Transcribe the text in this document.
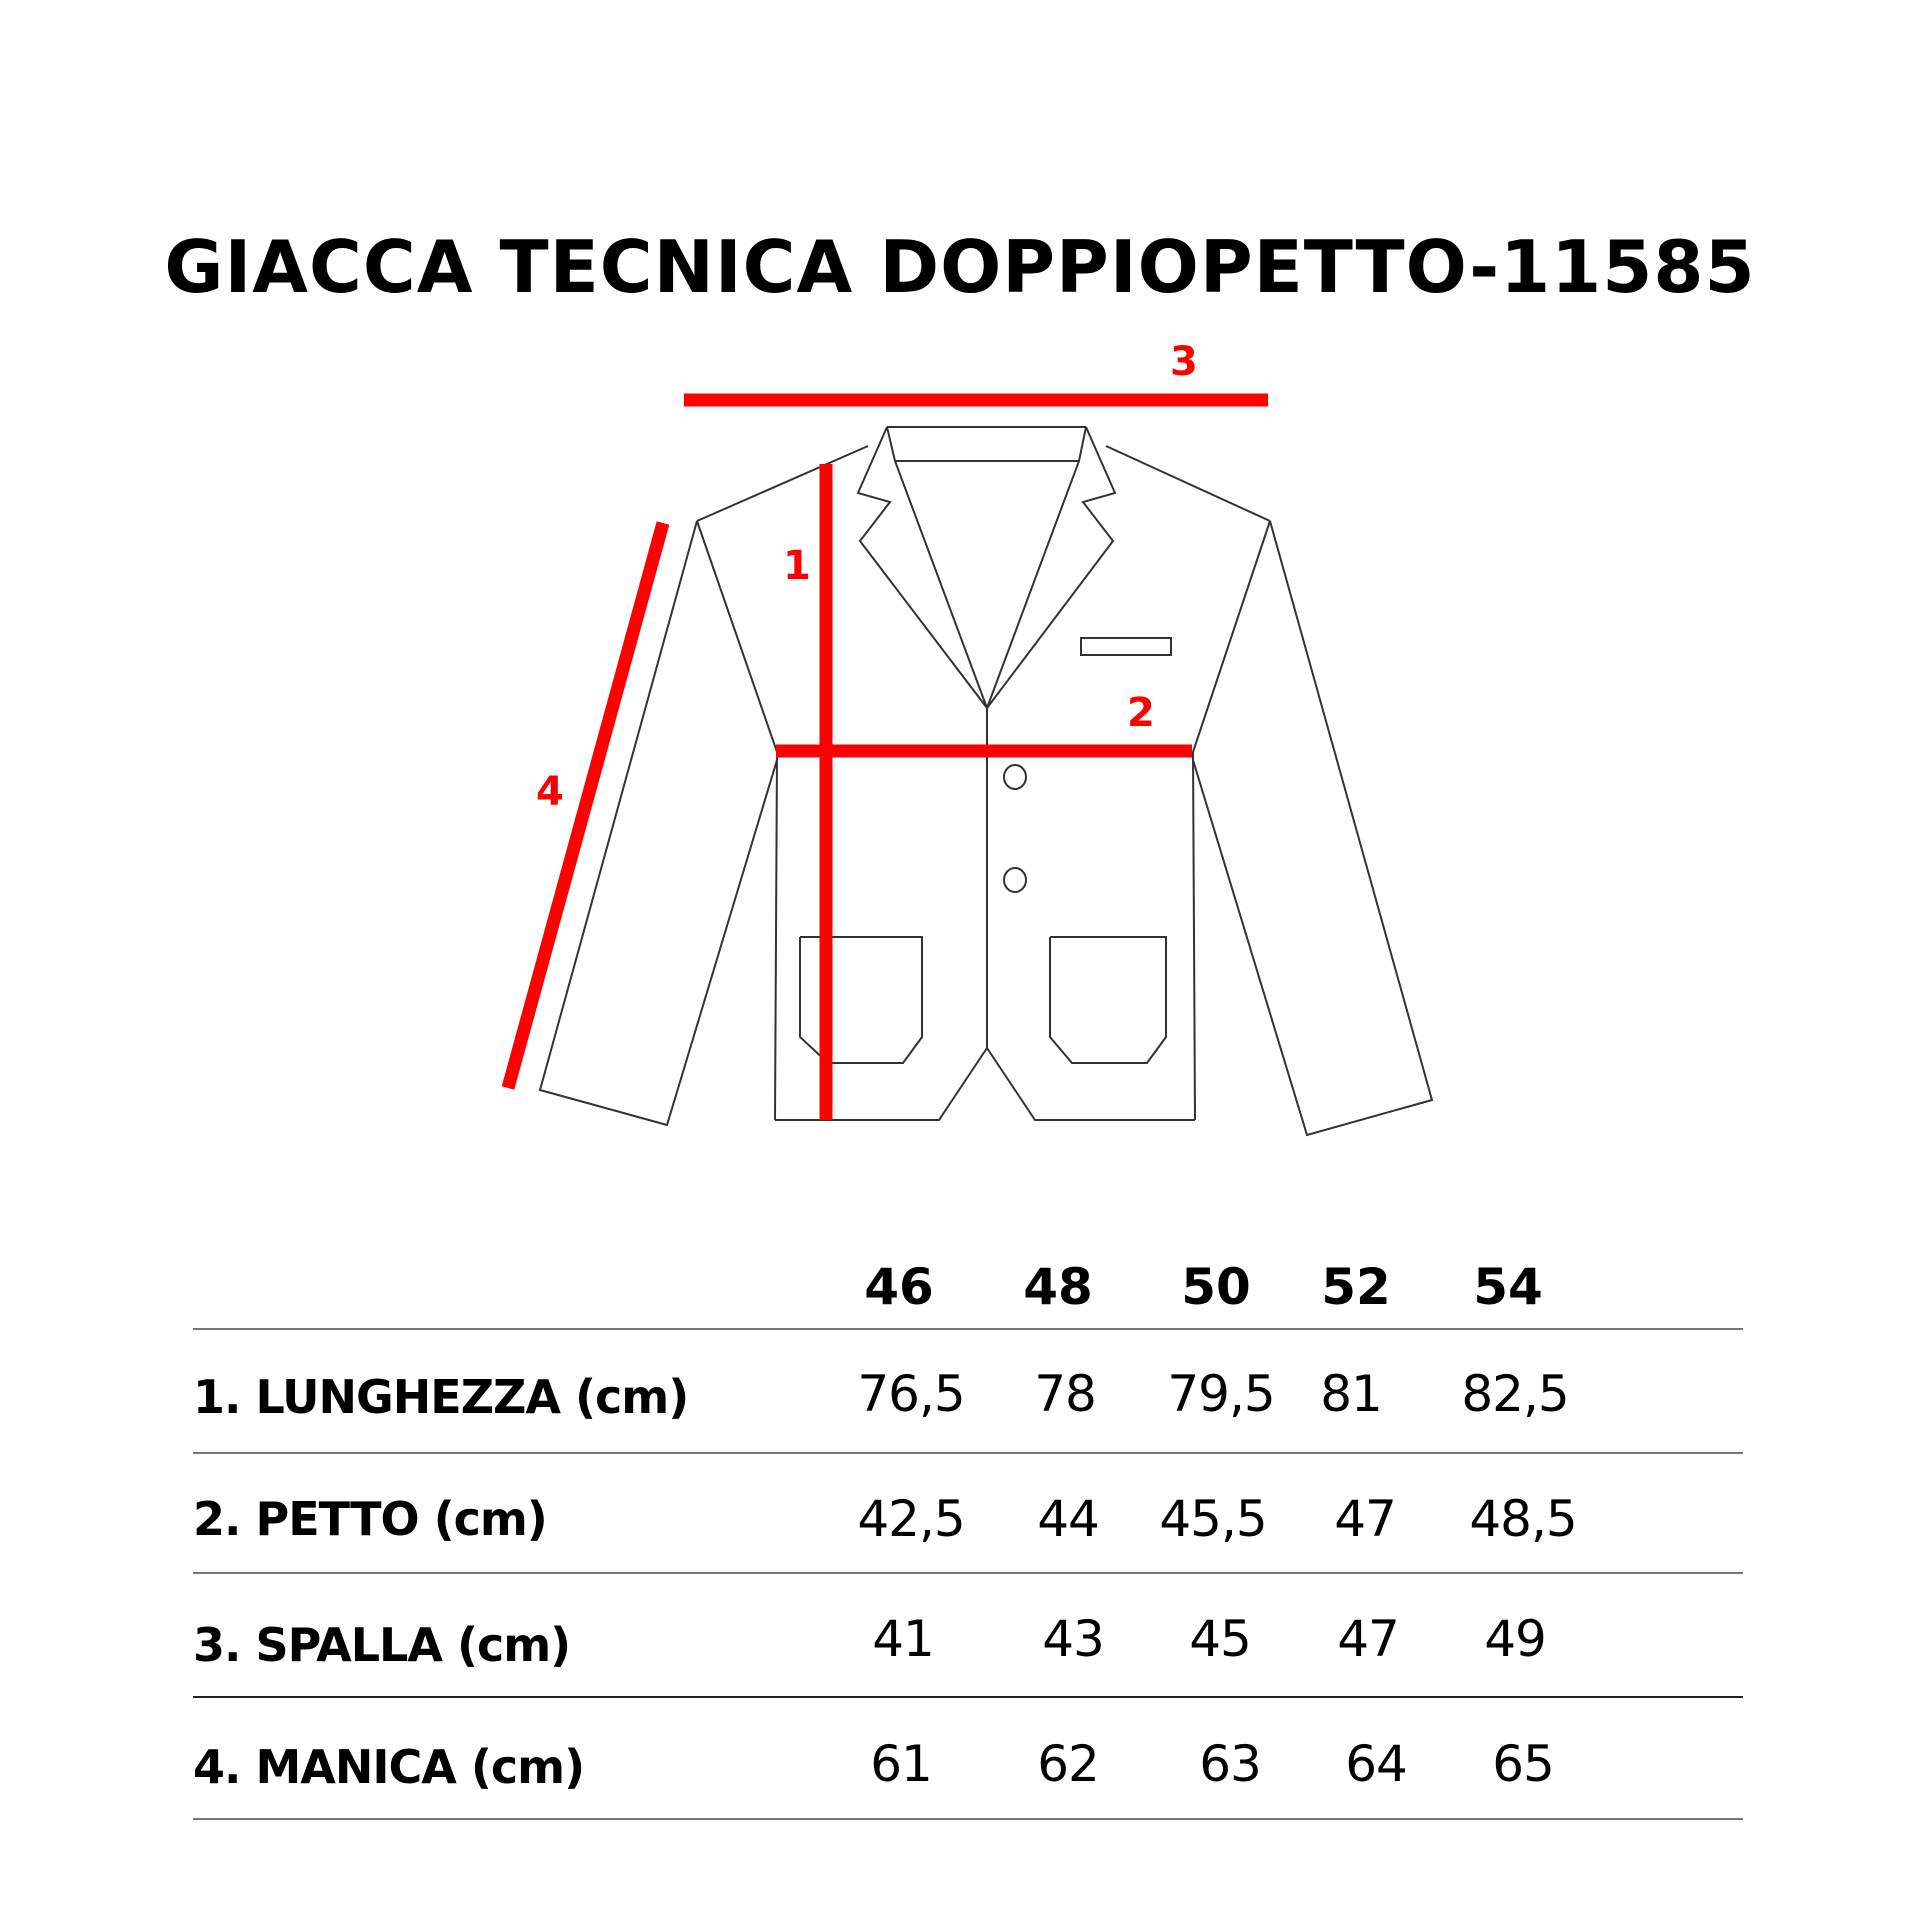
GIACCA TECNICA DOPPIOPETTO-11585
3
1
2
4
46 48 50 52 54
1. LUNGHEZZA (cm)	76,5 78 79,5 81 82,5
2. PETTO (cm)	42,5 44 45,5 47 48,5
3. SPALLA (cm)	41 43 45 47 49
4. MANICA (cm)	61 62 63 64 65
